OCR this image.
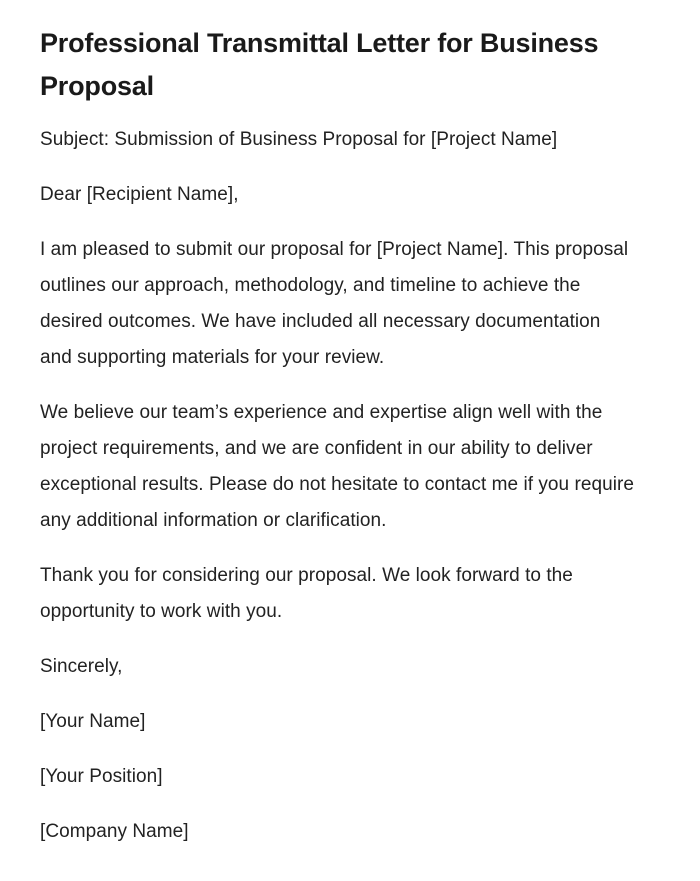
Professional Transmittal Letter for Business Proposal

Subject: Submission of Business Proposal for [Project Name]

Dear [Recipient Name],

I am pleased to submit our proposal for [Project Name]. This proposal outlines our approach, methodology, and timeline to achieve the desired outcomes. We have included all necessary documentation and supporting materials for your review.

We believe our team’s experience and expertise align well with the project requirements, and we are confident in our ability to deliver exceptional results. Please do not hesitate to contact me if you require any additional information or clarification.

Thank you for considering our proposal. We look forward to the opportunity to work with you.

Sincerely,

[Your Name]

[Your Position]

[Company Name]
